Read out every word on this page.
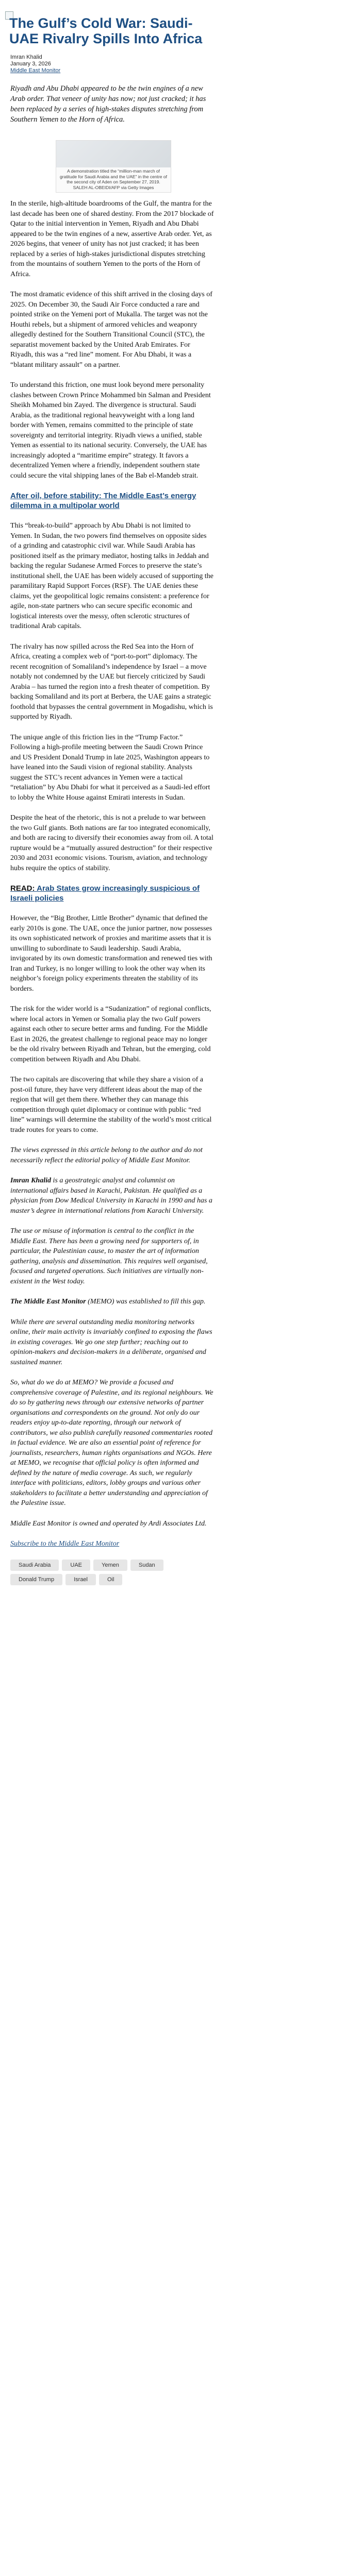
The Gulf’s Cold War: Saudi-UAE Rivalry Spills Into Africa
Imran Khalid
January 3, 2026
Middle East Monitor

Riyadh and Abu Dhabi appeared to be the twin engines of a new Arab order. That veneer of unity has now; not just cracked; it has been replaced by a series of high-stakes disputes stretching from Southern Yemen to the Horn of Africa.

A demonstration titled the “million-man march of gratitude for Saudi Arabia and the UAE” in the centre of the second city of Aden on September 27, 2019. SALEH AL-OBEIDI/AFP via Getty Images

In the sterile, high-altitude boardrooms of the Gulf, the mantra for the last decade has been one of shared destiny. From the 2017 blockade of Qatar to the initial intervention in Yemen, Riyadh and Abu Dhabi appeared to be the twin engines of a new, assertive Arab order. Yet, as 2026 begins, that veneer of unity has not just cracked; it has been replaced by a series of high-stakes jurisdictional disputes stretching from the mountains of southern Yemen to the ports of the Horn of Africa.

The most dramatic evidence of this shift arrived in the closing days of 2025. On December 30, the Saudi Air Force conducted a rare and pointed strike on the Yemeni port of Mukalla. The target was not the Houthi rebels, but a shipment of armored vehicles and weaponry allegedly destined for the Southern Transitional Council (STC), the separatist movement backed by the United Arab Emirates. For Riyadh, this was a “red line” moment. For Abu Dhabi, it was a “blatant military assault” on a partner.

To understand this friction, one must look beyond mere personality clashes between Crown Prince Mohammed bin Salman and President Sheikh Mohamed bin Zayed. The divergence is structural. Saudi Arabia, as the traditional regional heavyweight with a long land border with Yemen, remains committed to the principle of state sovereignty and territorial integrity. Riyadh views a unified, stable Yemen as essential to its national security. Conversely, the UAE has increasingly adopted a “maritime empire” strategy. It favors a decentralized Yemen where a friendly, independent southern state could secure the vital shipping lanes of the Bab el-Mandeb strait.

After oil, before stability: The Middle East’s energy dilemma in a multipolar world

This “break-to-build” approach by Abu Dhabi is not limited to Yemen. In Sudan, the two powers find themselves on opposite sides of a grinding and catastrophic civil war. While Saudi Arabia has positioned itself as the primary mediator, hosting talks in Jeddah and backing the regular Sudanese Armed Forces to preserve the state’s institutional shell, the UAE has been widely accused of supporting the paramilitary Rapid Support Forces (RSF). The UAE denies these claims, yet the geopolitical logic remains consistent: a preference for agile, non-state partners who can secure specific economic and logistical interests over the messy, often sclerotic structures of traditional Arab capitals.

The rivalry has now spilled across the Red Sea into the Horn of Africa, creating a complex web of “port-to-port” diplomacy. The recent recognition of Somaliland’s independence by Israel – a move notably not condemned by the UAE but fiercely criticized by Saudi Arabia – has turned the region into a fresh theater of competition. By backing Somaliland and its port at Berbera, the UAE gains a strategic foothold that bypasses the central government in Mogadishu, which is supported by Riyadh.

The unique angle of this friction lies in the “Trump Factor.” Following a high-profile meeting between the Saudi Crown Prince and US President Donald Trump in late 2025, Washington appears to have leaned into the Saudi vision of regional stability. Analysts suggest the STC’s recent advances in Yemen were a tactical “retaliation” by Abu Dhabi for what it perceived as a Saudi-led effort to lobby the White House against Emirati interests in Sudan.

Despite the heat of the rhetoric, this is not a prelude to war between the two Gulf giants. Both nations are far too integrated economically, and both are racing to diversify their economies away from oil. A total rupture would be a “mutually assured destruction” for their respective 2030 and 2031 economic visions. Tourism, aviation, and technology hubs require the optics of stability.

READ: Arab States grow increasingly suspicious of Israeli policies

However, the “Big Brother, Little Brother” dynamic that defined the early 2010s is gone. The UAE, once the junior partner, now possesses its own sophisticated network of proxies and maritime assets that it is unwilling to subordinate to Saudi leadership. Saudi Arabia, invigorated by its own domestic transformation and renewed ties with Iran and Turkey, is no longer willing to look the other way when its neighbor’s foreign policy experiments threaten the stability of its borders.

The risk for the wider world is a “Sudanization” of regional conflicts, where local actors in Yemen or Somalia play the two Gulf powers against each other to secure better arms and funding. For the Middle East in 2026, the greatest challenge to regional peace may no longer be the old rivalry between Riyadh and Tehran, but the emerging, cold competition between Riyadh and Abu Dhabi.

The two capitals are discovering that while they share a vision of a post-oil future, they have very different ideas about the map of the region that will get them there. Whether they can manage this competition through quiet diplomacy or continue with public “red line” warnings will determine the stability of the world’s most critical trade routes for years to come.

The views expressed in this article belong to the author and do not necessarily reflect the editorial policy of Middle East Monitor.

Imran Khalid is a geostrategic analyst and columnist on international affairs based in Karachi, Pakistan. He qualified as a physician from Dow Medical University in Karachi in 1990 and has a master’s degree in international relations from Karachi University.

The use or misuse of information is central to the conflict in the Middle East. There has been a growing need for supporters of, in particular, the Palestinian cause, to master the art of information gathering, analysis and dissemination. This requires well organised, focused and targeted operations. Such initiatives are virtually non-existent in the West today.

The Middle East Monitor (MEMO) was established to fill this gap.

While there are several outstanding media monitoring networks online, their main activity is invariably confined to exposing the flaws in existing coverages. We go one step further; reaching out to opinion-makers and decision-makers in a deliberate, organised and sustained manner.

So, what do we do at MEMO? We provide a focused and comprehensive coverage of Palestine, and its regional neighbours. We do so by gathering news through our extensive networks of partner organisations and correspondents on the ground. Not only do our readers enjoy up-to-date reporting, through our network of contributors, we also publish carefully reasoned commentaries rooted in factual evidence. We are also an essential point of reference for journalists, researchers, human rights organisations and NGOs. Here at MEMO, we recognise that official policy is often informed and defined by the nature of media coverage. As such, we regularly interface with politicians, editors, lobby groups and various other stakeholders to facilitate a better understanding and appreciation of the Palestine issue.

Middle East Monitor is owned and operated by Ardi Associates Ltd.

Subscribe to the Middle East Monitor

Saudi Arabia	UAE	Yemen	Sudan
Donald Trump	Israel	Oil
